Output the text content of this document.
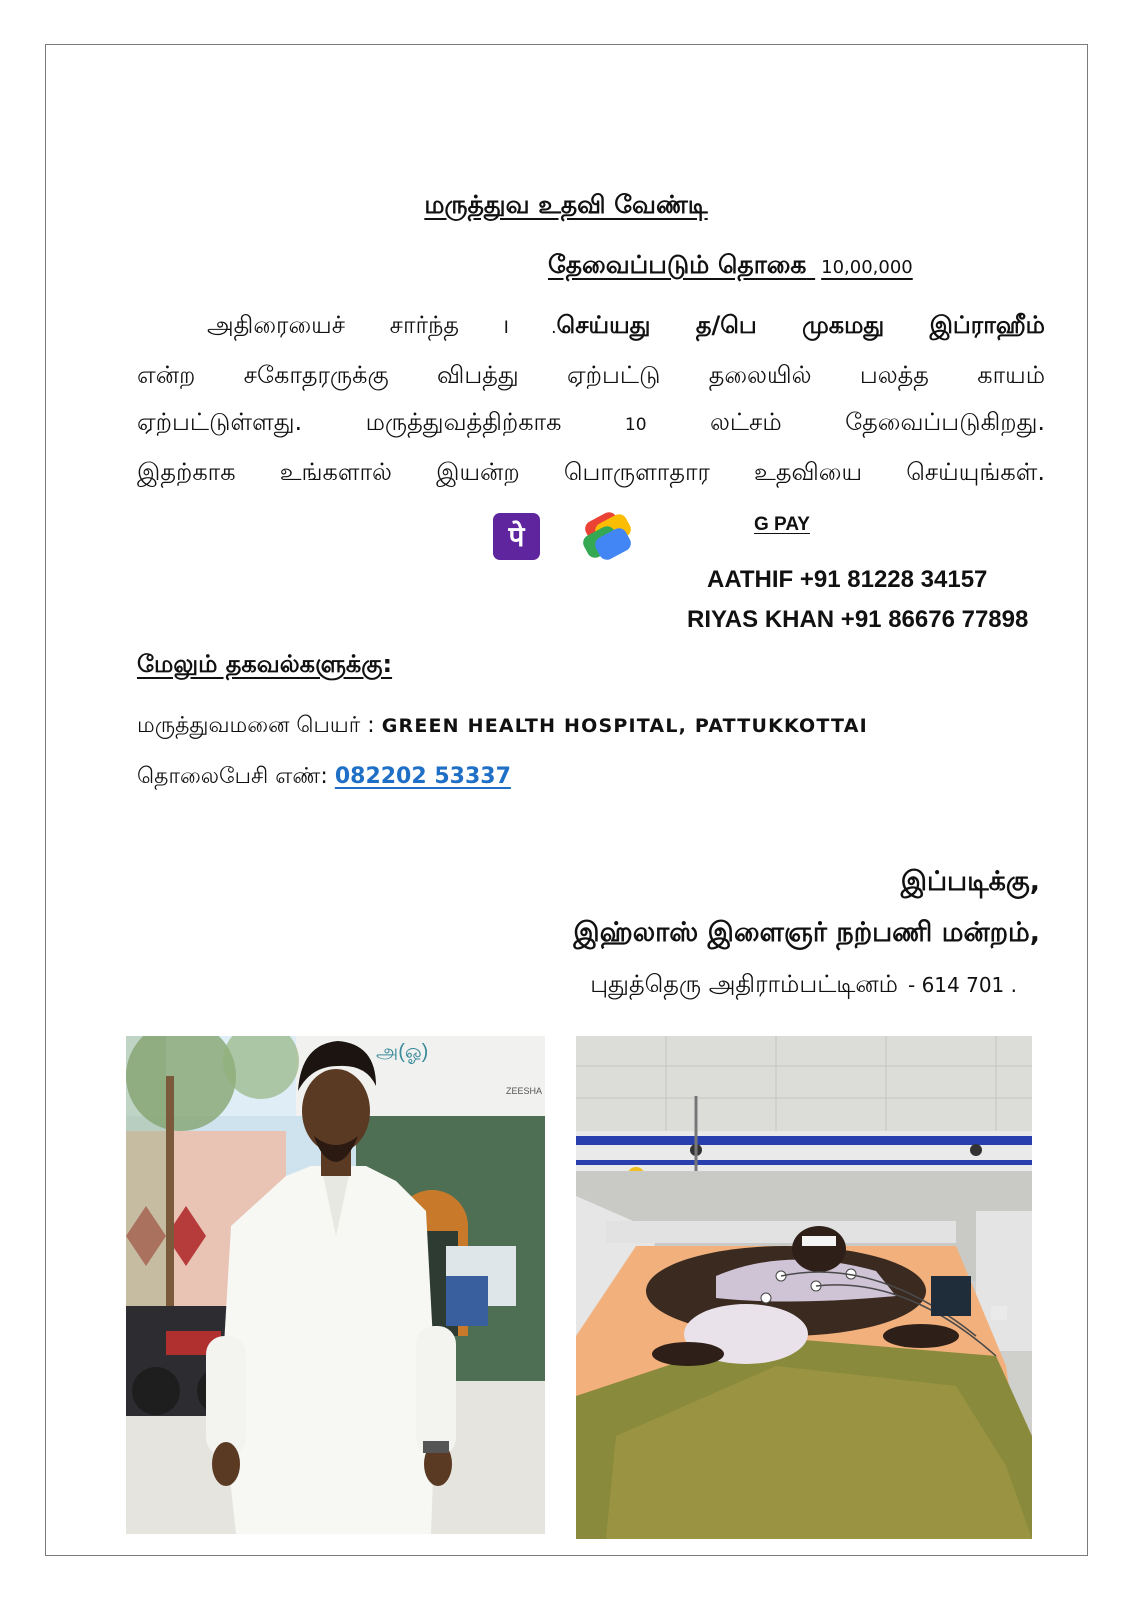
மருத்துவ உதவி வேண்டி
தேவைப்படும் தொகை 10,00,000
அதிரையைச் சார்ந்த	I .செய்யது த/பெ முகமது இப்ராஹீம்
என்ற சகோதரருக்கு விபத்து ஏற்பட்டு தலையில் பலத்த காயம்
ஏற்பட்டுள்ளது. மருத்துவத்திற்காக	10	லட்சம் தேவைப்படுகிறது.
இதற்காக உங்களால் இயன்ற பொருளாதார உதவியை செய்யுங்கள்.
पे	G PAY
AATHIF +91 81228 34157
RIYAS KHAN +91 86676 77898
மேலும் தகவல்களுக்கு:
மருத்துவமனை பெயர் : GREEN HEALTH HOSPITAL, PATTUKKOTTAI
தொலைபேசி எண்: 082202 53337
இப்படிக்கு,
இஹ்லாஸ் இளைஞர் நற்பணி மன்றம்,
புதுத்தெரு அதிராம்பட்டினம் - 614 701 .
அ(ஓ)
ZEESHA
